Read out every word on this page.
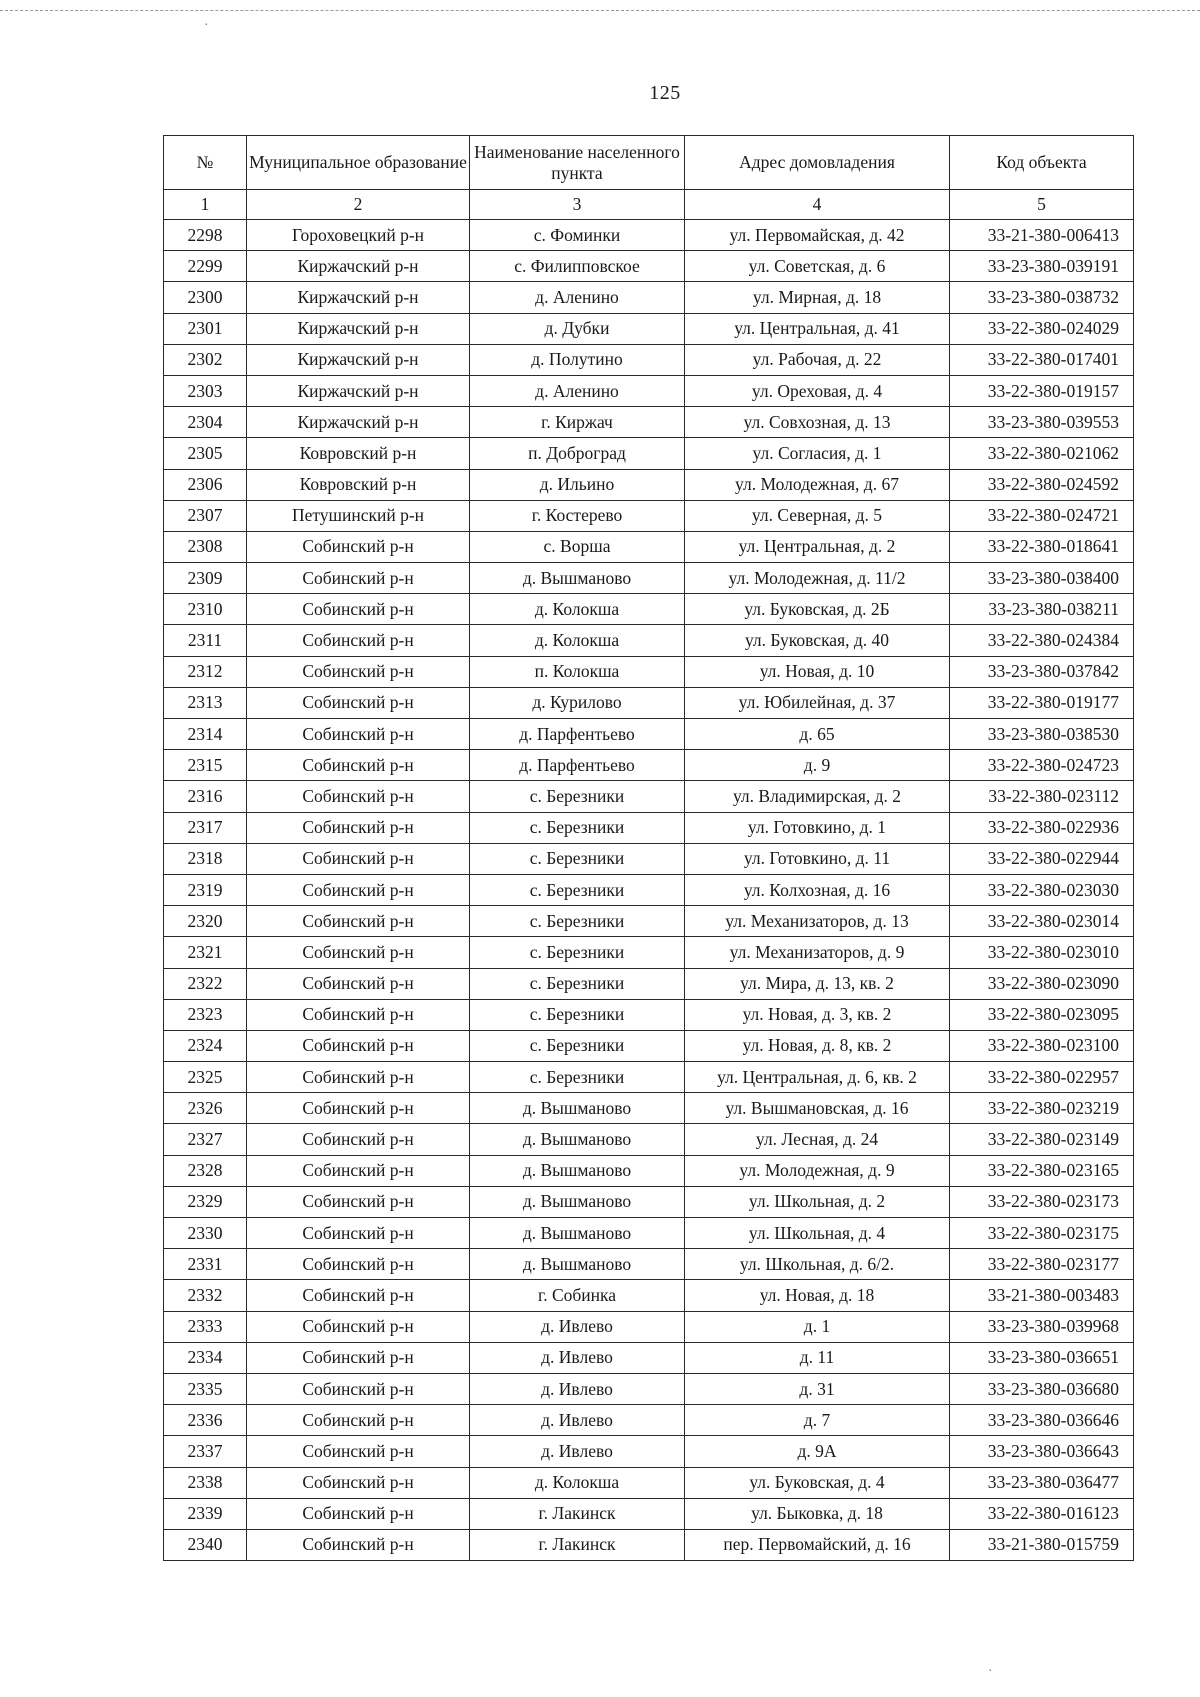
·
·
125
№	Муниципальное образование	Наименование населенного пункта	Адрес домовладения	Код объекта
1	2	3	4	5
2298	Гороховецкий р-н	с. Фоминки	ул. Первомайская, д. 42	33-21-380-006413
2299	Киржачский р-н	с. Филипповское	ул. Советская, д. 6	33-23-380-039191
2300	Киржачский р-н	д. Аленино	ул. Мирная, д. 18	33-23-380-038732
2301	Киржачский р-н	д. Дубки	ул. Центральная, д. 41	33-22-380-024029
2302	Киржачский р-н	д. Полутино	ул. Рабочая, д. 22	33-22-380-017401
2303	Киржачский р-н	д. Аленино	ул. Ореховая, д. 4	33-22-380-019157
2304	Киржачский р-н	г. Киржач	ул. Совхозная, д. 13	33-23-380-039553
2305	Ковровский р-н	п. Доброград	ул. Согласия, д. 1	33-22-380-021062
2306	Ковровский р-н	д. Ильино	ул. Молодежная, д. 67	33-22-380-024592
2307	Петушинский р-н	г. Костерево	ул. Северная, д. 5	33-22-380-024721
2308	Собинский р-н	с. Ворша	ул. Центральная, д. 2	33-22-380-018641
2309	Собинский р-н	д. Вышманово	ул. Молодежная, д. 11/2	33-23-380-038400
2310	Собинский р-н	д. Колокша	ул. Буковская, д. 2Б	33-23-380-038211
2311	Собинский р-н	д. Колокша	ул. Буковская, д. 40	33-22-380-024384
2312	Собинский р-н	п. Колокша	ул. Новая, д. 10	33-23-380-037842
2313	Собинский р-н	д. Курилово	ул. Юбилейная, д. 37	33-22-380-019177
2314	Собинский р-н	д. Парфентьево	д. 65	33-23-380-038530
2315	Собинский р-н	д. Парфентьево	д. 9	33-22-380-024723
2316	Собинский р-н	с. Березники	ул. Владимирская, д. 2	33-22-380-023112
2317	Собинский р-н	с. Березники	ул. Готовкино, д. 1	33-22-380-022936
2318	Собинский р-н	с. Березники	ул. Готовкино, д. 11	33-22-380-022944
2319	Собинский р-н	с. Березники	ул. Колхозная, д. 16	33-22-380-023030
2320	Собинский р-н	с. Березники	ул. Механизаторов, д. 13	33-22-380-023014
2321	Собинский р-н	с. Березники	ул. Механизаторов, д. 9	33-22-380-023010
2322	Собинский р-н	с. Березники	ул. Мира, д. 13, кв. 2	33-22-380-023090
2323	Собинский р-н	с. Березники	ул. Новая, д. 3, кв. 2	33-22-380-023095
2324	Собинский р-н	с. Березники	ул. Новая, д. 8, кв. 2	33-22-380-023100
2325	Собинский р-н	с. Березники	ул. Центральная, д. 6, кв. 2	33-22-380-022957
2326	Собинский р-н	д. Вышманово	ул. Вышмановская, д. 16	33-22-380-023219
2327	Собинский р-н	д. Вышманово	ул. Лесная, д. 24	33-22-380-023149
2328	Собинский р-н	д. Вышманово	ул. Молодежная, д. 9	33-22-380-023165
2329	Собинский р-н	д. Вышманово	ул. Школьная, д. 2	33-22-380-023173
2330	Собинский р-н	д. Вышманово	ул. Школьная, д. 4	33-22-380-023175
2331	Собинский р-н	д. Вышманово	ул. Школьная, д. 6/2.	33-22-380-023177
2332	Собинский р-н	г. Собинка	ул. Новая, д. 18	33-21-380-003483
2333	Собинский р-н	д. Ивлево	д. 1	33-23-380-039968
2334	Собинский р-н	д. Ивлево	д. 11	33-23-380-036651
2335	Собинский р-н	д. Ивлево	д. 31	33-23-380-036680
2336	Собинский р-н	д. Ивлево	д. 7	33-23-380-036646
2337	Собинский р-н	д. Ивлево	д. 9А	33-23-380-036643
2338	Собинский р-н	д. Колокша	ул. Буковская, д. 4	33-23-380-036477
2339	Собинский р-н	г. Лакинск	ул. Быковка, д. 18	33-22-380-016123
2340	Собинский р-н	г. Лакинск	пер. Первомайский, д. 16	33-21-380-015759
